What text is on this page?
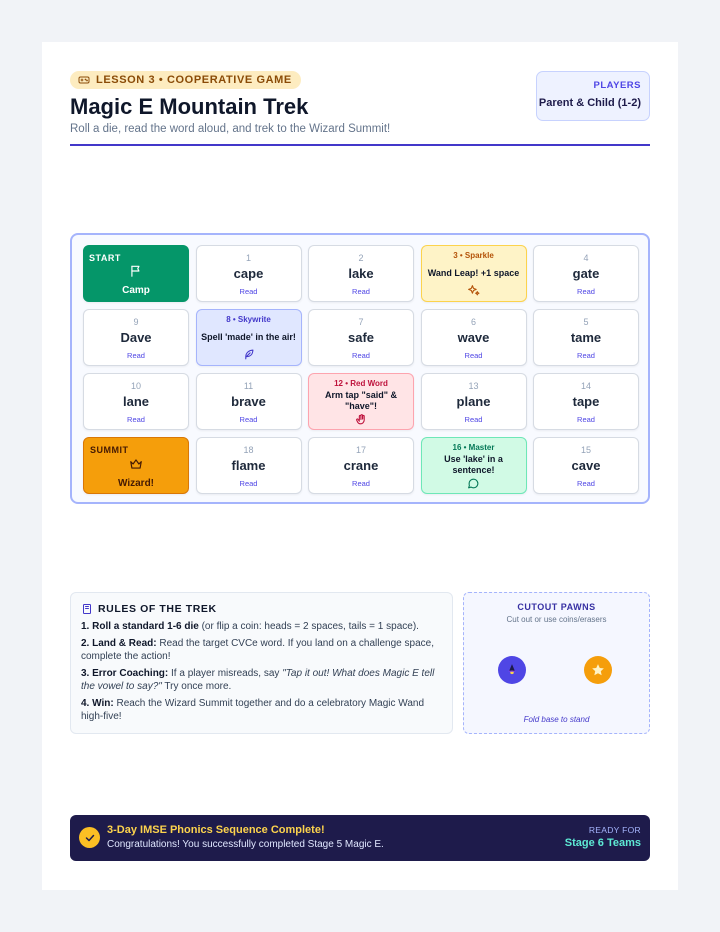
LESSON 3 • COOPERATIVE GAME
Magic E Mountain Trek
Roll a die, read the word aloud, and trek to the Wizard Summit!
PLAYERS
Parent & Child (1-2)
START
Camp
1
cape
Read
2
lake
Read
3 • Sparkle
Wand Leap! +1 space
4
gate
Read
9
Dave
Read
8 • Skywrite
Spell 'made' in the air!
7
safe
Read
6
wave
Read
5
tame
Read
10
lane
Read
11
brave
Read
12 • Red Word
Arm tap "said" & "have"!
13
plane
Read
14
tape
Read
SUMMIT
Wizard!
18
flame
Read
17
crane
Read
16 • Master
Use 'lake' in a sentence!
15
cave
Read
RULES OF THE TREK
1. Roll a standard 1-6 die (or flip a coin: heads = 2 spaces, tails = 1 space).
2. Land & Read: Read the target CVCe word. If you land on a challenge space, complete the action!
3. Error Coaching: If a player misreads, say "Tap it out! What does Magic E tell the vowel to say?" Try once more.
4. Win: Reach the Wizard Summit together and do a celebratory Magic Wand high-five!
CUTOUT PAWNS
Cut out or use coins/erasers
Fold base to stand
3-Day IMSE Phonics Sequence Complete!
Congratulations! You successfully completed Stage 5 Magic E.
READY FOR
Stage 6 Teams
